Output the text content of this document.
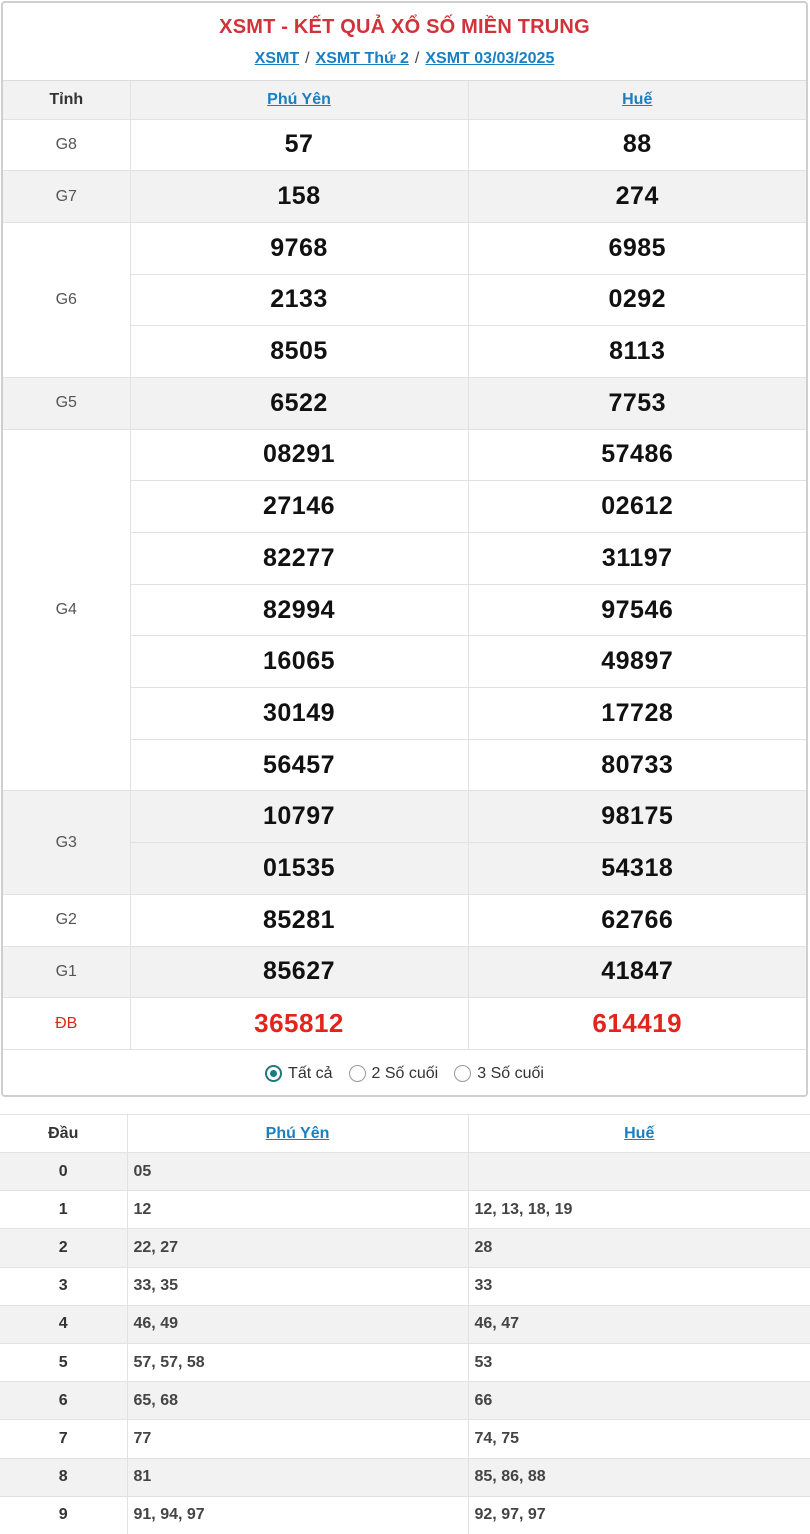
XSMT - KẾT QUẢ XỔ SỐ MIỀN TRUNG
XSMT / XSMT Thứ 2 / XSMT 03/03/2025
Tỉnh	Phú Yên	Huế
G8	57	88
G7	158	274
G6	9768	6985
	2133	0292
	8505	8113
G5	6522	7753
G4	08291	57486
	27146	02612
	82277	31197
	82994	97546
	16065	49897
	30149	17728
	56457	80733
G3	10797	98175
	01535	54318
G2	85281	62766
G1	85627	41847
ĐB	365812	614419
Tất cả 2 Số cuối 3 Số cuối
Đầu	Phú Yên	Huế
0	05	
1	12	12, 13, 18, 19
2	22, 27	28
3	33, 35	33
4	46, 49	46, 47
5	57, 57, 58	53
6	65, 68	66
7	77	74, 75
8	81	85, 86, 88
9	91, 94, 97	92, 97, 97
